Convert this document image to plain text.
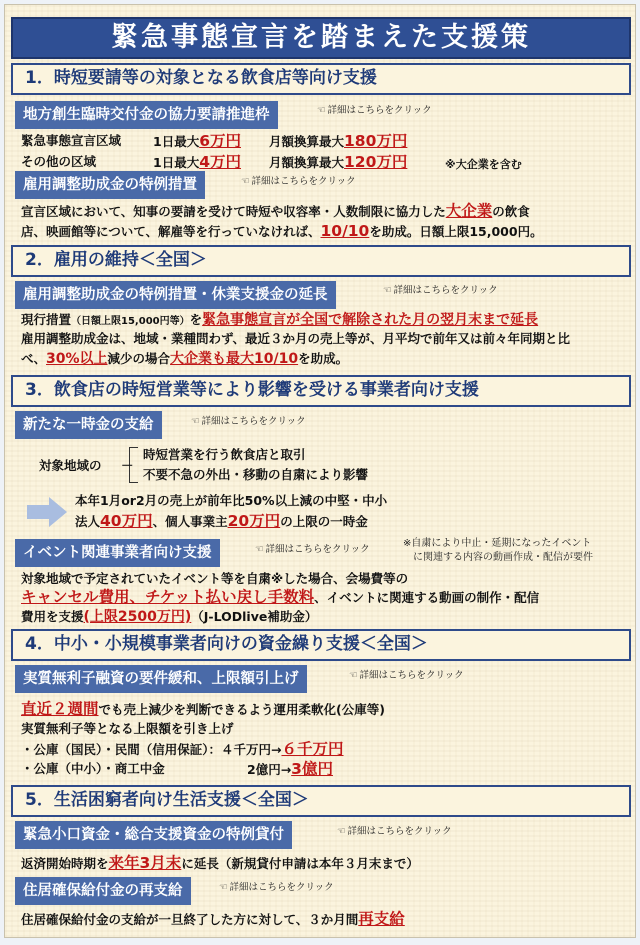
緊急事態宣言を踏まえた支援策
1．時短要請等の対象となる飲食店等向け支援
地方創生臨時交付金の協力要請推進枠	☜ 詳細はこちらをクリック
緊急事態宣言区域	1日最大6万円 月額換算最大180万円
その他の区域	1日最大4万円 月額換算最大120万円	※大企業を含む
雇用調整助成金の特例措置	☜ 詳細はこちらをクリック
宣言区域において、知事の要請を受けて時短や収容率・人数制限に協力した大企業の飲食
店、映画館等について、解雇等を行っていなければ、10/10を助成。日額上限15,000円。
2．雇用の維持＜全国＞
雇用調整助成金の特例措置・休業支援金の延長	☜ 詳細はこちらをクリック
現行措置（日額上限15,000円等）を緊急事態宣言が全国で解除された月の翌月末まで延長
雇用調整助成金は、地域・業種問わず、最近３か月の売上等が、月平均で前年又は前々年同期と比
べ、30%以上減少の場合大企業も最大10/10を助成。
3．飲食店の時短営業等により影響を受ける事業者向け支援
新たな一時金の支給	☜ 詳細はこちらをクリック
対象地域の －
時短営業を行う飲食店と取引
不要不急の外出・移動の自粛により影響
本年1月or2月の売上が前年比50%以上減の中堅・中小
法人40万円、個人事業主20万円の上限の一時金
イベント関連事業者向け支援	☜ 詳細はこちらをクリック
※自粛により中止・延期になったイベント
に関連する内容の動画作成・配信が要件
対象地域で予定されていたイベント等を自粛※した場合、会場費等の
キャンセル費用、チケット払い戻し手数料、イベントに関連する動画の制作・配信
費用を支援(上限2500万円)（J-LODlive補助金）
4．中小・小規模事業者向けの資金繰り支援＜全国＞
実質無利子融資の要件緩和、上限額引上げ	☜ 詳細はこちらをクリック
直近２週間でも売上減少を判断できるよう運用柔軟化(公庫等)
実質無利子等となる上限額を引き上げ
・公庫（国民）・民間（信用保証）：４千万円→６千万円
・公庫（中小）・商工中金	2億円→3億円
5．生活困窮者向け生活支援＜全国＞
緊急小口資金・総合支援資金の特例貸付	☜ 詳細はこちらをクリック
返済開始時期を来年3月末に延長（新規貸付申請は本年３月末まで）
住居確保給付金の再支給	☜ 詳細はこちらをクリック
住居確保給付金の支給が一旦終了した方に対して、３か月間再支給
